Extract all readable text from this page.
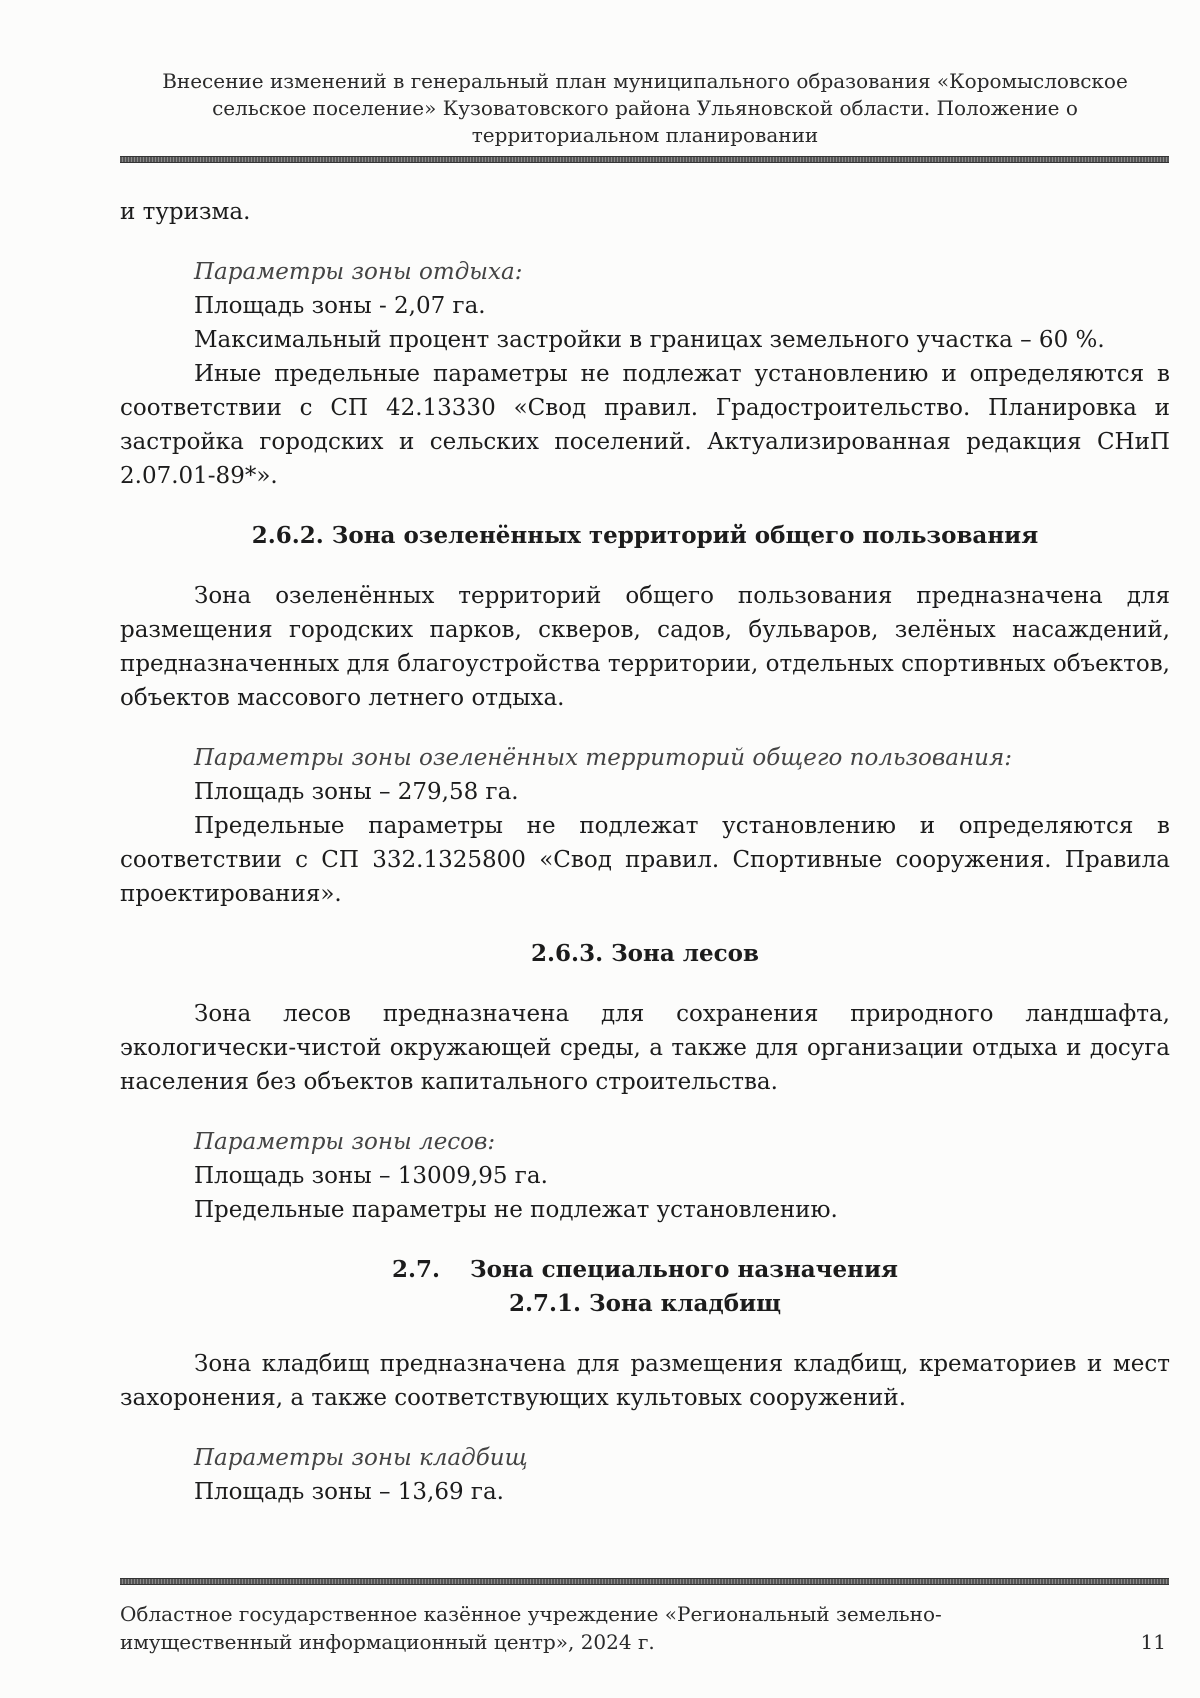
Внесение изменений в генеральный план муниципального образования «Коромысловское сельское поселение» Кузоватовского района Ульяновской области. Положение о территориальном планировании

и туризма.

Параметры зоны отдыха:

Площадь зоны - 2,07 га.

Максимальный процент застройки в границах земельного участка – 60 %.

Иные предельные параметры не подлежат установлению и определяются в соответствии с СП 42.13330 «Свод правил. Градостроительство. Планировка и застройка городских и сельских поселений. Актуализированная редакция СНиП 2.07.01-89*».

2.6.2. Зона озеленённых территорий общего пользования

Зона озеленённых территорий общего пользования предназначена для размещения городских парков, скверов, садов, бульваров, зелёных насаждений, предназначенных для благоустройства территории, отдельных спортивных объектов, объектов массового летнего отдыха.

Параметры зоны озеленённых территорий общего пользования:

Площадь зоны – 279,58 га.

Предельные параметры не подлежат установлению и определяются в соответствии с СП 332.1325800 «Свод правил. Спортивные сооружения. Правила проектирования».

2.6.3. Зона лесов

Зона лесов предназначена для сохранения природного ландшафта, экологически-чистой окружающей среды, а также для организации отдыха и досуга населения без объектов капитального строительства.

Параметры зоны лесов:

Площадь зоны – 13009,95 га.

Предельные параметры не подлежат установлению.

2.7. Зона специального назначения

2.7.1. Зона кладбищ

Зона кладбищ предназначена для размещения кладбищ, крематориев и мест захоронения, а также соответствующих культовых сооружений.

Параметры зоны кладбищ

Площадь зоны – 13,69 га.

Областное государственное казённое учреждение «Региональный земельно-имущественный информационный центр», 2024 г.	11
